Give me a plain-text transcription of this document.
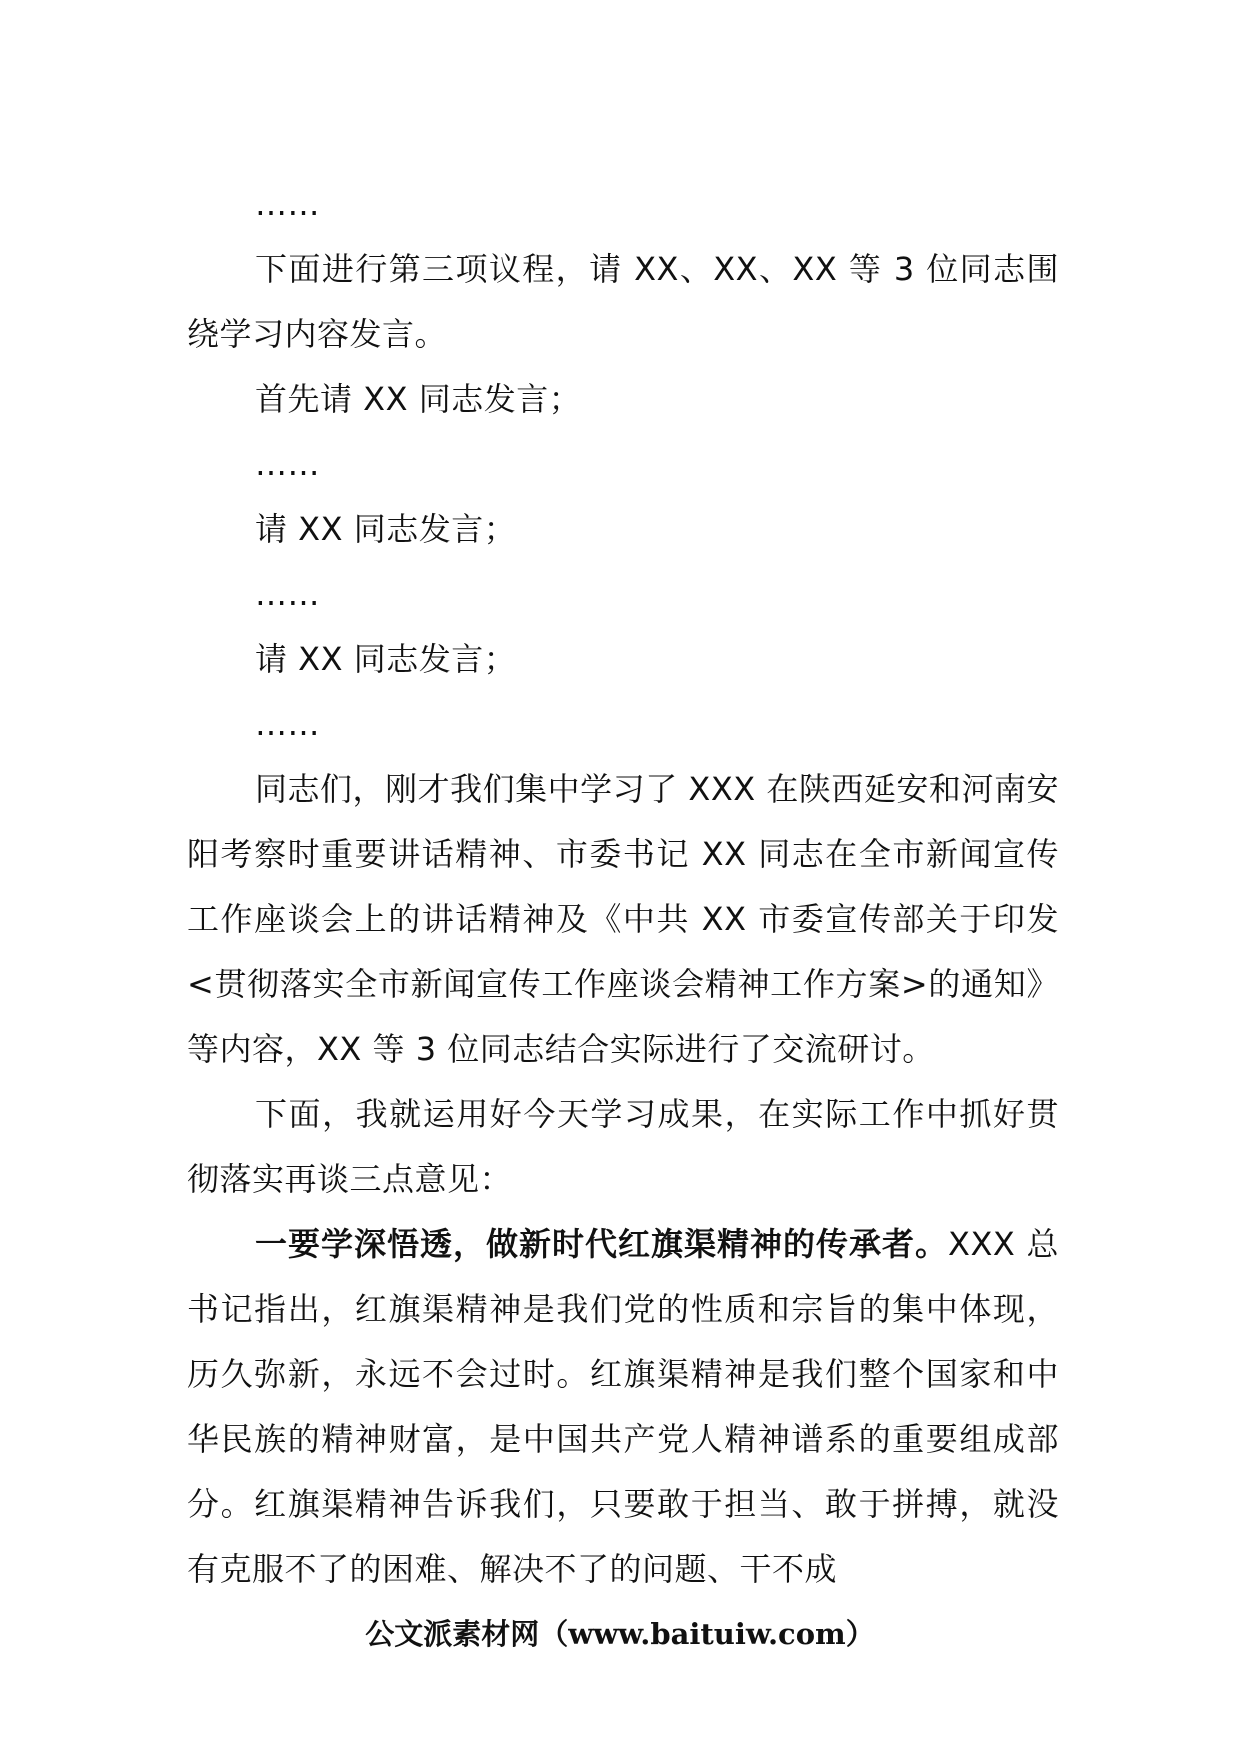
……

下面进行第三项议程，请 XX、XX、XX 等 3 位同志围绕学习内容发言。

首先请 XX 同志发言；

……

请 XX 同志发言；

……

请 XX 同志发言；

……

同志们，刚才我们集中学习了 XXX 在陕西延安和河南安阳考察时重要讲话精神、市委书记 XX 同志在全市新闻宣传工作座谈会上的讲话精神及《中共 XX 市委宣传部关于印发<贯彻落实全市新闻宣传工作座谈会精神工作方案>的通知》等内容，XX 等 3 位同志结合实际进行了交流研讨。

下面，我就运用好今天学习成果，在实际工作中抓好贯彻落实再谈三点意见：

一要学深悟透，做新时代红旗渠精神的传承者。XXX 总书记指出，红旗渠精神是我们党的性质和宗旨的集中体现，历久弥新，永远不会过时。红旗渠精神是我们整个国家和中华民族的精神财富，是中国共产党人精神谱系的重要组成部分。红旗渠精神告诉我们，只要敢于担当、敢于拼搏，就没有克服不了的困难、解决不了的问题、干不成

公文派素材网（www.baituiw.com）
